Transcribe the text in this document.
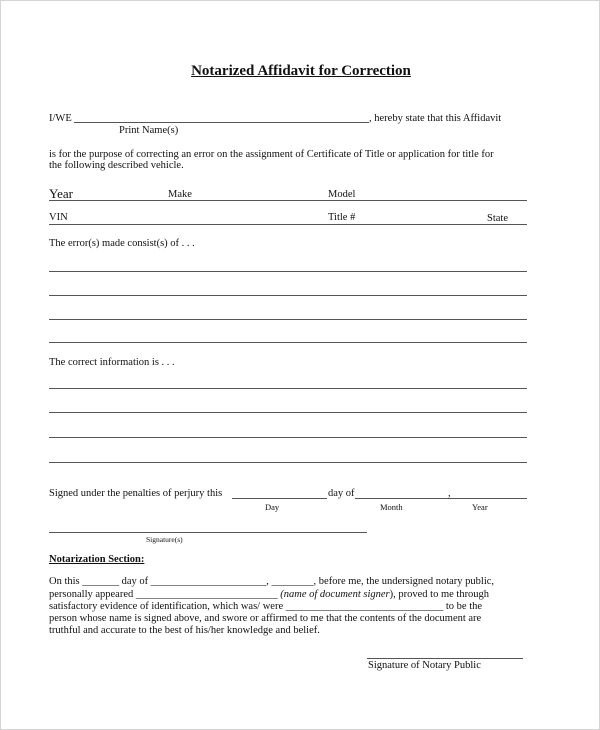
Notarized Affidavit for Correction
I/WE	, hereby state that this Affidavit
Print Name(s)
is for the purpose of correcting an error on the assignment of Certificate of Title or application for title for
the following described vehicle.
Year	Make	Model
VIN	Title #	State
The error(s) made consist(s) of . . .
The correct information is . . .
Signed under the penalties of perjury this	day of	,
Day	Month	Year
Signature(s)
Notarization Section:
On this _______ day of ______________________, ________, before me, the undersigned notary public,
personally appeared ___________________________ (name of document signer), proved to me through
satisfactory evidence of identification, which was/ were ______________________________ to be the
person whose name is signed above, and swore or affirmed to me that the contents of the document are
truthful and accurate to the best of his/her knowledge and belief.
Signature of Notary Public
